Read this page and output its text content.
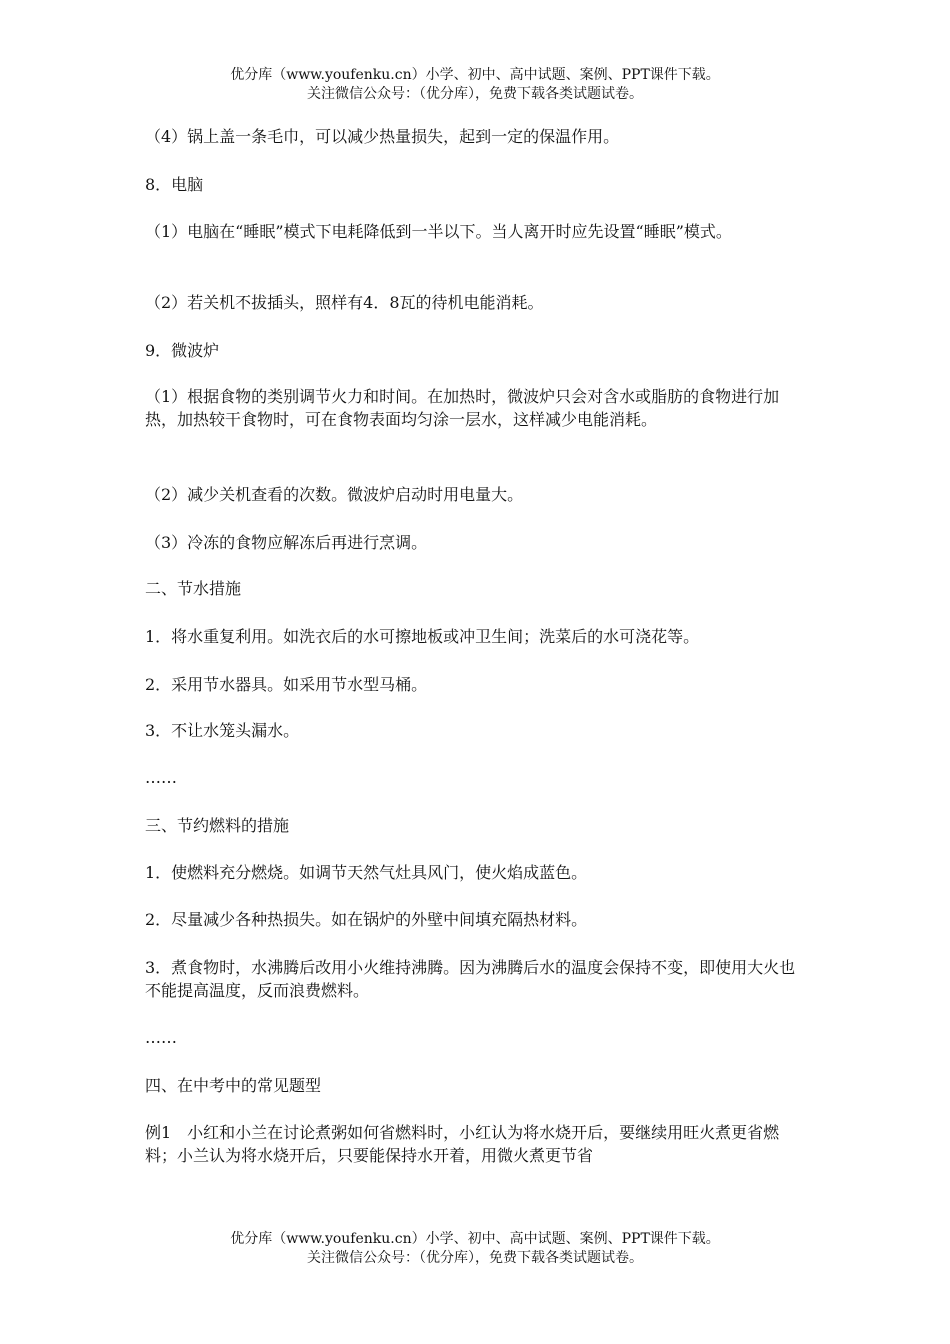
优分库（www.youfenku.cn）小学、初中、高中试题、案例、PPT课件下载。
关注微信公众号：（优分库），免费下载各类试题试卷。

（4）锅上盖一条毛巾，可以减少热量损失，起到一定的保温作用。

8．电脑

（1）电脑在“睡眠”模式下电耗降低到一半以下。当人离开时应先设置“睡眠”模式。

（2）若关机不拔插头，照样有4．8瓦的待机电能消耗。

9．微波炉

（1）根据食物的类别调节火力和时间。在加热时，微波炉只会对含水或脂肪的食物进行加热，加热较干食物时，可在食物表面均匀涂一层水，这样减少电能消耗。

（2）减少关机查看的次数。微波炉启动时用电量大。

（3）冷冻的食物应解冻后再进行烹调。

二、节水措施

1．将水重复利用。如洗衣后的水可擦地板或冲卫生间；洗菜后的水可浇花等。

2．采用节水器具。如采用节水型马桶。

3．不让水笼头漏水。

……

三、节约燃料的措施

1．使燃料充分燃烧。如调节天然气灶具风门，使火焰成蓝色。

2．尽量减少各种热损失。如在锅炉的外壁中间填充隔热材料。

3．煮食物时，水沸腾后改用小火维持沸腾。因为沸腾后水的温度会保持不变，即使用大火也不能提高温度，反而浪费燃料。

……

四、在中考中的常见题型

例1　小红和小兰在讨论煮粥如何省燃料时，小红认为将水烧开后，要继续用旺火煮更省燃料；小兰认为将水烧开后，只要能保持水开着，用微火煮更节省

优分库（www.youfenku.cn）小学、初中、高中试题、案例、PPT课件下载。
关注微信公众号：（优分库），免费下载各类试题试卷。
